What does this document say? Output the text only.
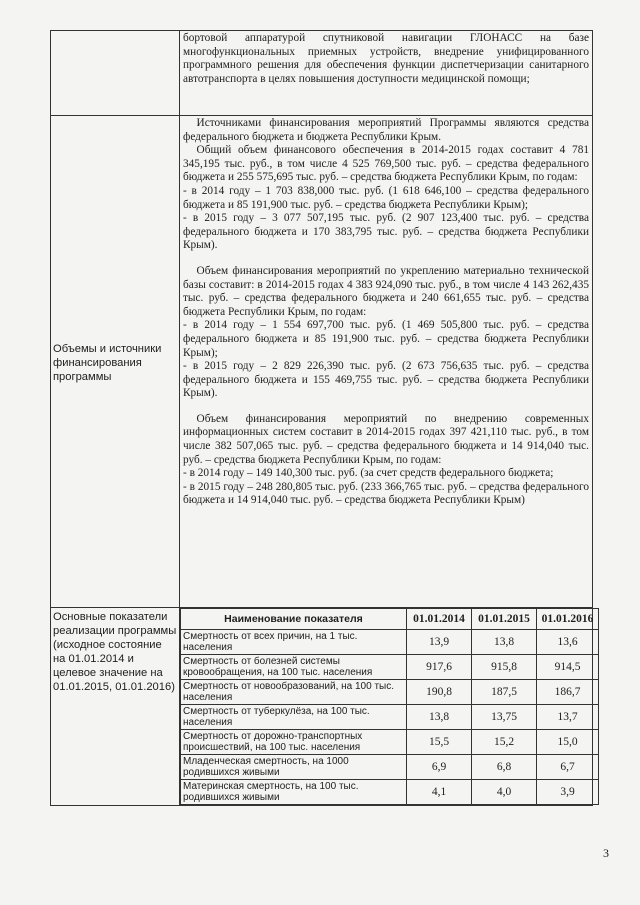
бортовой аппаратурой спутниковой навигации ГЛОНАСС на базе многофункциональных приемных устройств, внедрение унифицированного программного решения для обеспечения функции диспетчеризации санитарного автотранспорта в целях повышения доступности медицинской помощи;

Объемы и источники финансирования программы	

Источниками финансирования мероприятий Программы являются средства федерального бюджета и бюджета Республики Крым.

Общий объем финансового обеспечения в 2014-2015 годах составит 4 781 345,195 тыс. руб., в том числе 4 525 769,500 тыс. руб. – средства федерального бюджета и 255 575,695 тыс. руб. – средства бюджета Республики Крым, по годам:

- в 2014 году – 1 703 838,000 тыс. руб. (1 618 646,100 – средства федерального бюджета и 85 191,900 тыс. руб. – средства бюджета Республики Крым);

- в 2015 году – 3 077 507,195 тыс. руб. (2 907 123,400 тыс. руб. – средства федерального бюджета и 170 383,795 тыс. руб. – средства бюджета Республики Крым).

Объем финансирования мероприятий по укреплению материально технической базы составит: в 2014-2015 годах 4 383 924,090 тыс. руб., в том числе 4 143 262,435 тыс. руб. – средства федерального бюджета и 240 661,655 тыс. руб. – средства бюджета Республики Крым, по годам:

- в 2014 году – 1 554 697,700 тыс. руб. (1 469 505,800 тыс. руб. – средства федерального бюджета и 85 191,900 тыс. руб. – средства бюджета Республики Крым);

- в 2015 году – 2 829 226,390 тыс. руб. (2 673 756,635 тыс. руб. – средства федерального бюджета и 155 469,755 тыс. руб. – средства бюджета Республики Крым).

Объем финансирования мероприятий по внедрению современных информационных систем составит в 2014-2015 годах 397 421,110 тыс. руб., в том числе 382 507,065 тыс. руб. – средства федерального бюджета и 14 914,040 тыс. руб. – средства бюджета Республики Крым, по годам:

- в 2014 году – 149 140,300 тыс. руб. (за счет средств федерального бюджета;

- в 2015 году – 248 280,805 тыс. руб. (233 366,765 тыс. руб. – средства федерального бюджета и 14 914,040 тыс. руб. – средства бюджета Республики Крым)

Основные показатели реализации программы (исходное состояние на 01.01.2014 и целевое значение на 01.01.2015, 01.01.2016)	
Наименование показателя	01.01.2014	01.01.2015	01.01.2016
Смертность от всех причин, на 1 тыс. населения	13,9	13,8	13,6
Смертность от болезней системы кровообращения, на 100 тыс. населения	917,6	915,8	914,5
Смертность от новообразований, на 100 тыс. населения	190,8	187,5	186,7
Смертность от туберкулёза, на 100 тыс. населения	13,8	13,75	13,7
Смертность от дорожно-транспортных происшествий, на 100 тыс. населения	15,5	15,2	15,0
Младенческая смертность, на 1000 родившихся живыми	6,9	6,8	6,7
Материнская смертность, на 100 тыс. родившихся живыми	4,1	4,0	3,9
3
